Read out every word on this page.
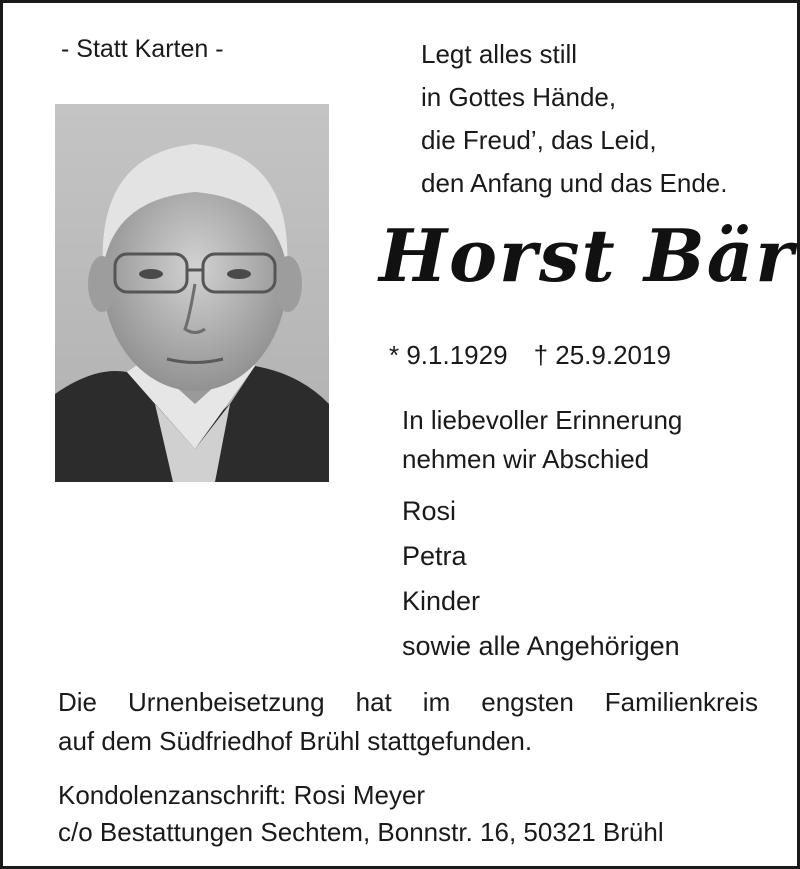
- Statt Karten -	Legt alles still
in Gottes Hände,
die Freud’, das Leid,
den Anfang und das Ende.
Horst Bär
* 9.1.1929 † 25.9.2019
In liebevoller Erinnerung
nehmen wir Abschied
Rosi
Petra
Kinder
sowie alle Angehörigen
Die Urnenbeisetzung hat im engsten Familienkreis
auf dem Südfriedhof Brühl stattgefunden.
Kondolenzanschrift: Rosi Meyer
c/o Bestattungen Sechtem, Bonnstr. 16, 50321 Brühl
